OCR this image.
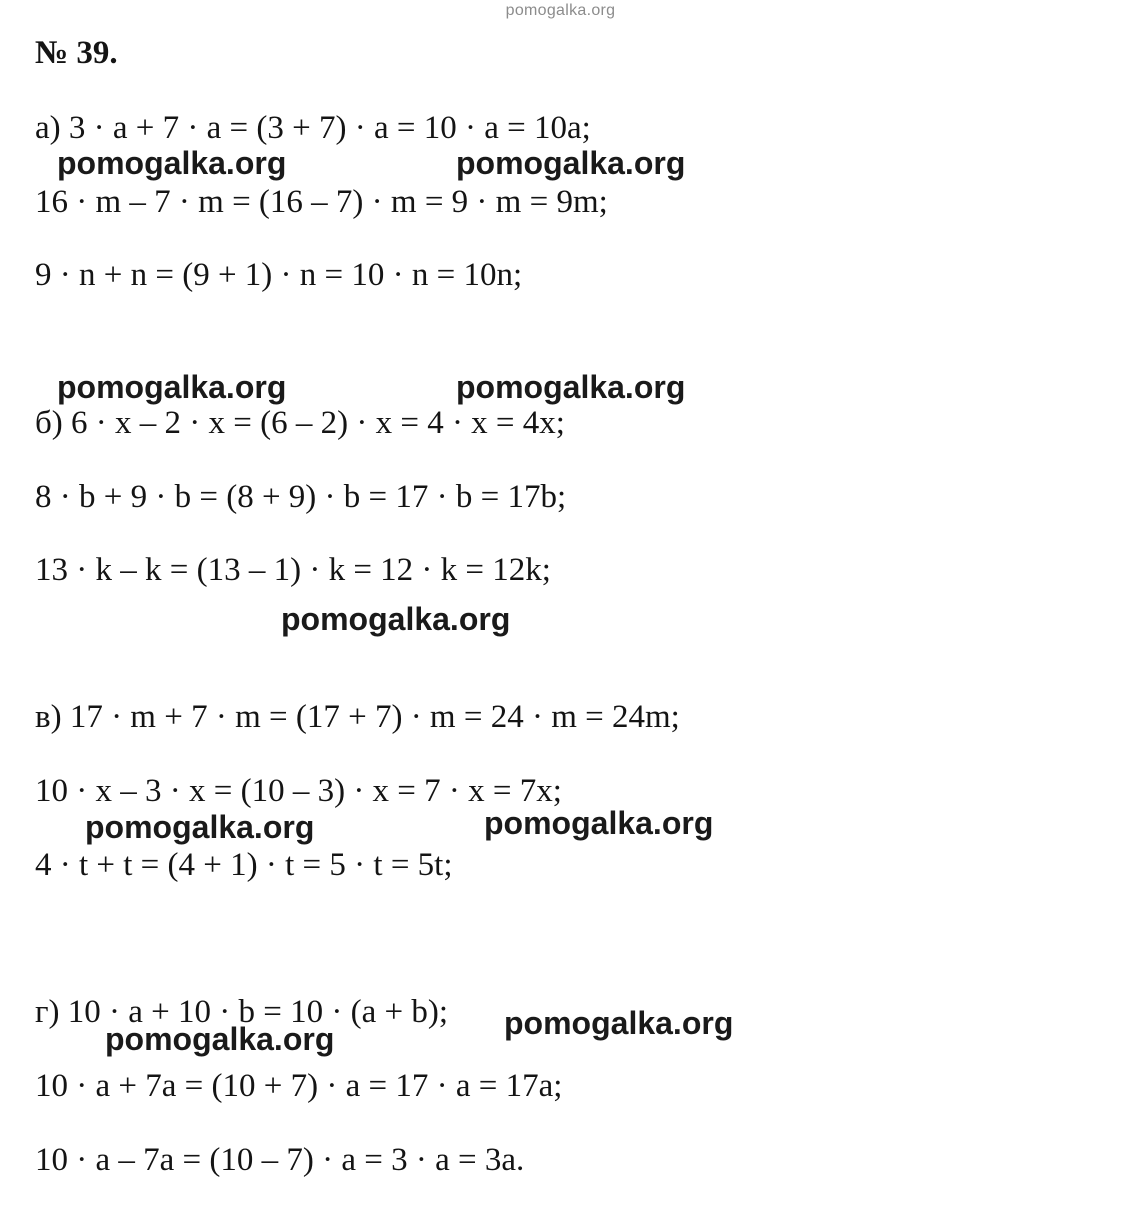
pomogalka.org
№ 39.
а) 3 · a + 7 · a = (3 + 7) · a = 10 · a = 10a;
16 · m – 7 · m = (16 – 7) · m = 9 · m = 9m;
9 · n + n = (9 + 1) · n = 10 · n = 10n;
б) 6 · x – 2 · x = (6 – 2) · x = 4 · x = 4x;
8 · b + 9 · b = (8 + 9) · b = 17 · b = 17b;
13 · k – k = (13 – 1) · k = 12 · k = 12k;
в) 17 · m + 7 · m = (17 + 7) · m = 24 · m = 24m;
10 · x – 3 · x = (10 – 3) · x = 7 · x = 7x;
4 · t + t = (4 + 1) · t = 5 · t = 5t;
г) 10 · a + 10 · b = 10 · (a + b);
10 · a + 7a = (10 + 7) · a = 17 · a = 17a;
10 · a – 7a = (10 – 7) · a = 3 · a = 3a.
pomogalka.org	pomogalka.org
pomogalka.org	pomogalka.org
pomogalka.org
pomogalka.org	pomogalka.org
pomogalka.org
pomogalka.org
